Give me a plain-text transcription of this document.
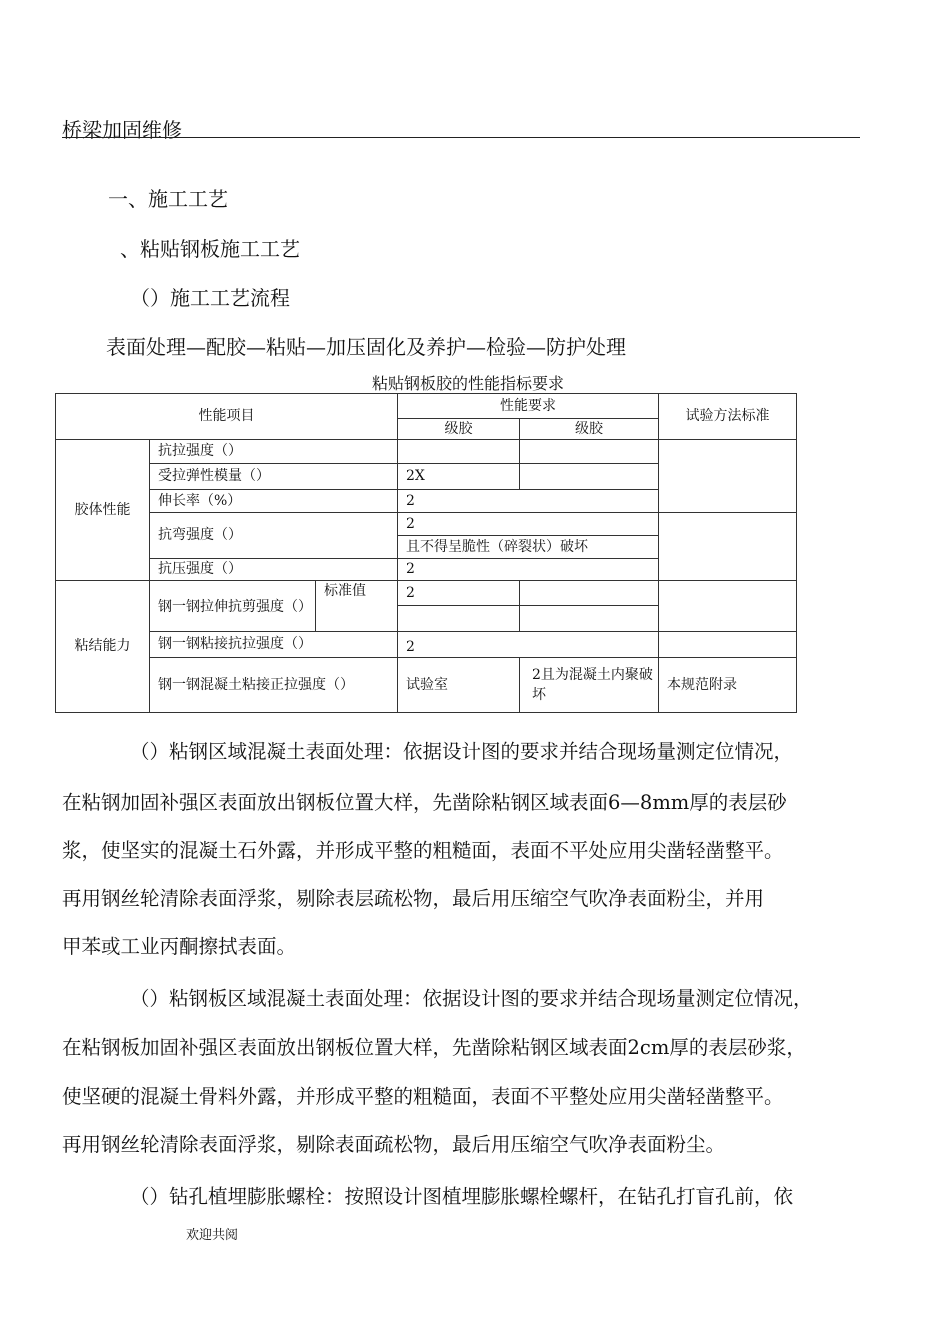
桥梁加固维修
一、施工工艺
、粘贴钢板施工工艺
（）施工工艺流程
表面处理—配胶—粘贴—加压固化及养护—检验—防护处理
粘贴钢板胶的性能指标要求
性能项目			性能要求		试验方法标准
			级胶	级胶	
胶体性能	抗拉强度（）				
	受拉弹性模量（）		2X		
	伸长率（%）		2		
	抗弯强度（）		2		
			且不得呈脆性（碎裂状）破坏		
	抗压强度（）		2		
粘结能力	钢一钢拉伸抗剪强度（）	标准值	2		

	钢一钢粘接抗拉强度（）		2		
	钢一钢混凝土粘接正拉强度（）		试验室	2且为混凝土内聚破坏	本规范附录
（）粘钢区域混凝土表面处理：依据设计图的要求并结合现场量测定位情况，
在粘钢加固补强区表面放出钢板位置大样，先凿除粘钢区域表面6—8mm厚的表层砂
浆，使坚实的混凝土石外露，并形成平整的粗糙面，表面不平处应用尖凿轻凿整平。
再用钢丝轮清除表面浮浆，剔除表层疏松物，最后用压缩空气吹净表面粉尘，并用
甲苯或工业丙酮擦拭表面。
（）粘钢板区域混凝土表面处理：依据设计图的要求并结合现场量测定位情况，
在粘钢板加固补强区表面放出钢板位置大样，先凿除粘钢区域表面2cm厚的表层砂浆，
使坚硬的混凝土骨料外露，并形成平整的粗糙面，表面不平整处应用尖凿轻凿整平。
再用钢丝轮清除表面浮浆，剔除表面疏松物，最后用压缩空气吹净表面粉尘。
（）钻孔植埋膨胀螺栓：按照设计图植埋膨胀螺栓螺杆，在钻孔打盲孔前，依
欢迎共阅
